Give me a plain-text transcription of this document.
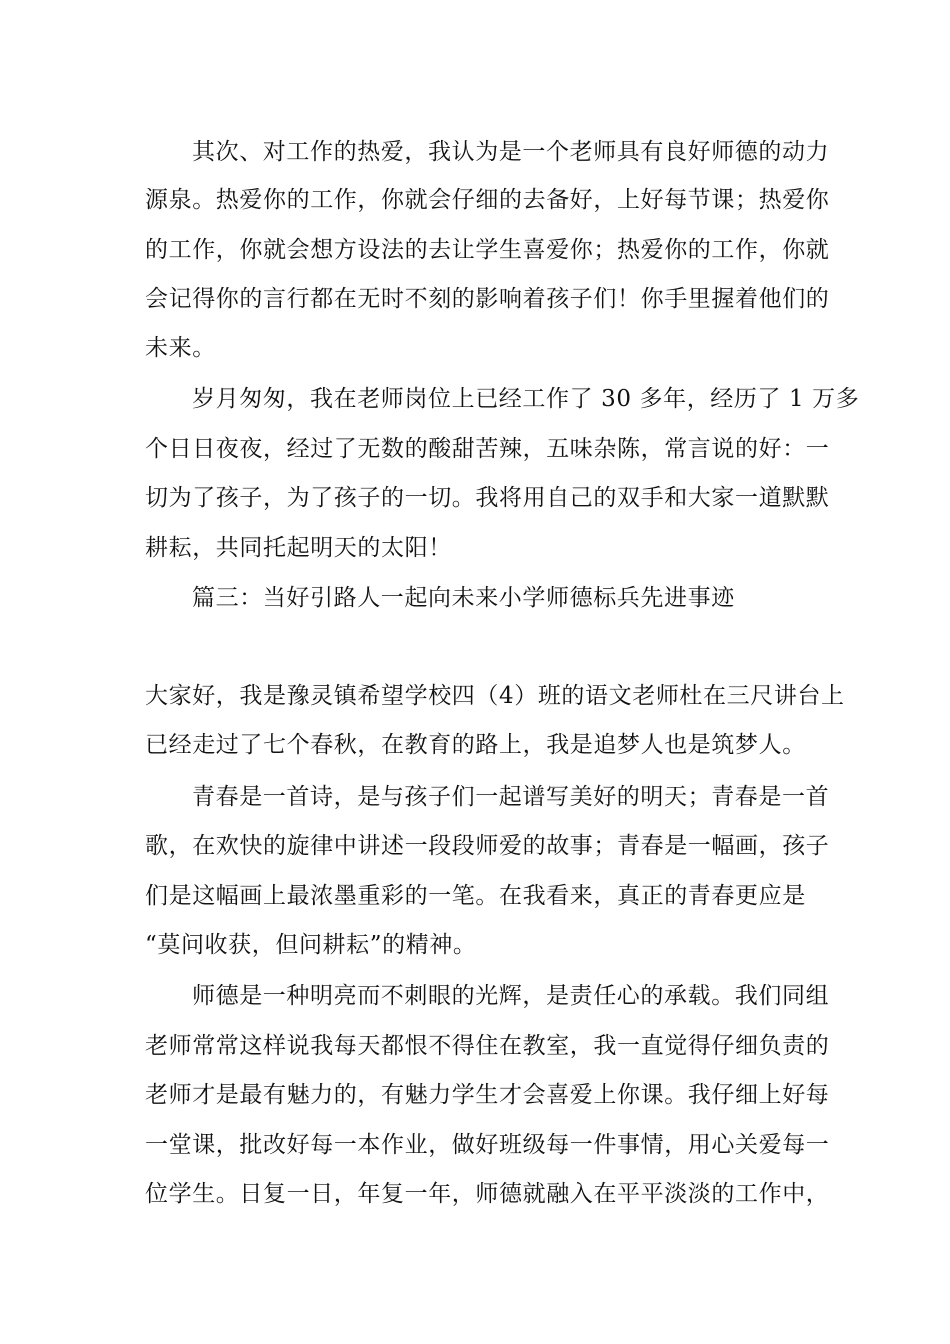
其次、对工作的热爱，我认为是一个老师具有良好师德的动力

源泉。热爱你的工作，你就会仔细的去备好，上好每节课；热爱你

的工作，你就会想方设法的去让学生喜爱你；热爱你的工作，你就

会记得你的言行都在无时不刻的影响着孩子们！你手里握着他们的

未来。

岁月匆匆，我在老师岗位上已经工作了 30 多年，经历了 1 万多

个日日夜夜，经过了无数的酸甜苦辣，五味杂陈，常言说的好：一

切为了孩子，为了孩子的一切。我将用自己的双手和大家一道默默

耕耘，共同托起明天的太阳！

篇三：当好引路人一起向未来小学师德标兵先进事迹

大家好，我是豫灵镇希望学校四（4）班的语文老师杜在三尺讲台上

已经走过了七个春秋，在教育的路上，我是追梦人也是筑梦人。

青春是一首诗，是与孩子们一起谱写美好的明天；青春是一首

歌，在欢快的旋律中讲述一段段师爱的故事；青春是一幅画，孩子

们是这幅画上最浓墨重彩的一笔。在我看来，真正的青春更应是

“莫问收获，但问耕耘”的精神。

师德是一种明亮而不刺眼的光辉，是责任心的承载。我们同组

老师常常这样说我每天都恨不得住在教室，我一直觉得仔细负责的

老师才是最有魅力的，有魅力学生才会喜爱上你课。我仔细上好每

一堂课，批改好每一本作业，做好班级每一件事情，用心关爱每一

位学生。日复一日，年复一年，师德就融入在平平淡淡的工作中，
